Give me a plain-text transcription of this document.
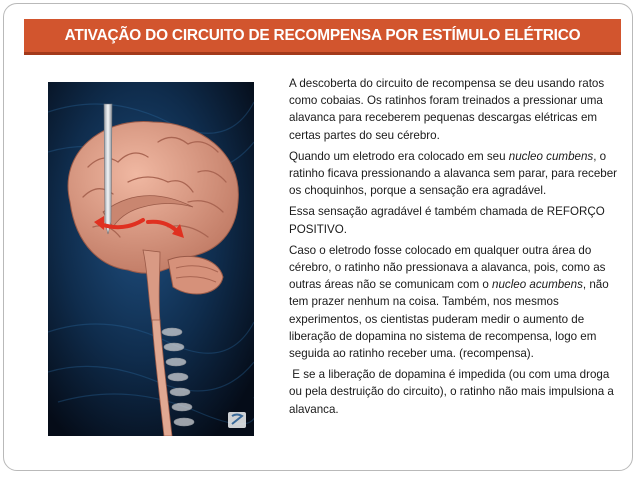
ATIVAÇÃO DO CIRCUITO DE RECOMPENSA POR ESTÍMULO ELÉTRICO

A descoberta do circuito de recompensa se deu usando ratos como cobaias. Os ratinhos foram treinados a pressionar uma alavanca para receberem pequenas descargas elétricas em certas partes do seu cérebro.

Quando um eletrodo era colocado em seu nucleo cumbens, o ratinho ficava pressionando a alavanca sem parar, para receber os choquinhos, porque a sensação era agradável.

Essa sensação agradável é também chamada de REFORÇO POSITIVO.

Caso o eletrodo fosse colocado em qualquer outra área do cérebro, o ratinho não pressionava a alavanca, pois, como as outras áreas não se comunicam com o nucleo acumbens, não tem prazer nenhum na coisa. Também, nos mesmos experimentos, os cientistas puderam medir o aumento de liberação de dopamina no sistema de recompensa, logo em seguida ao ratinho receber uma. (recompensa).

E se a liberação de dopamina é impedida (ou com uma droga ou pela destruição do circuito), o ratinho não mais impulsiona a alavanca.
